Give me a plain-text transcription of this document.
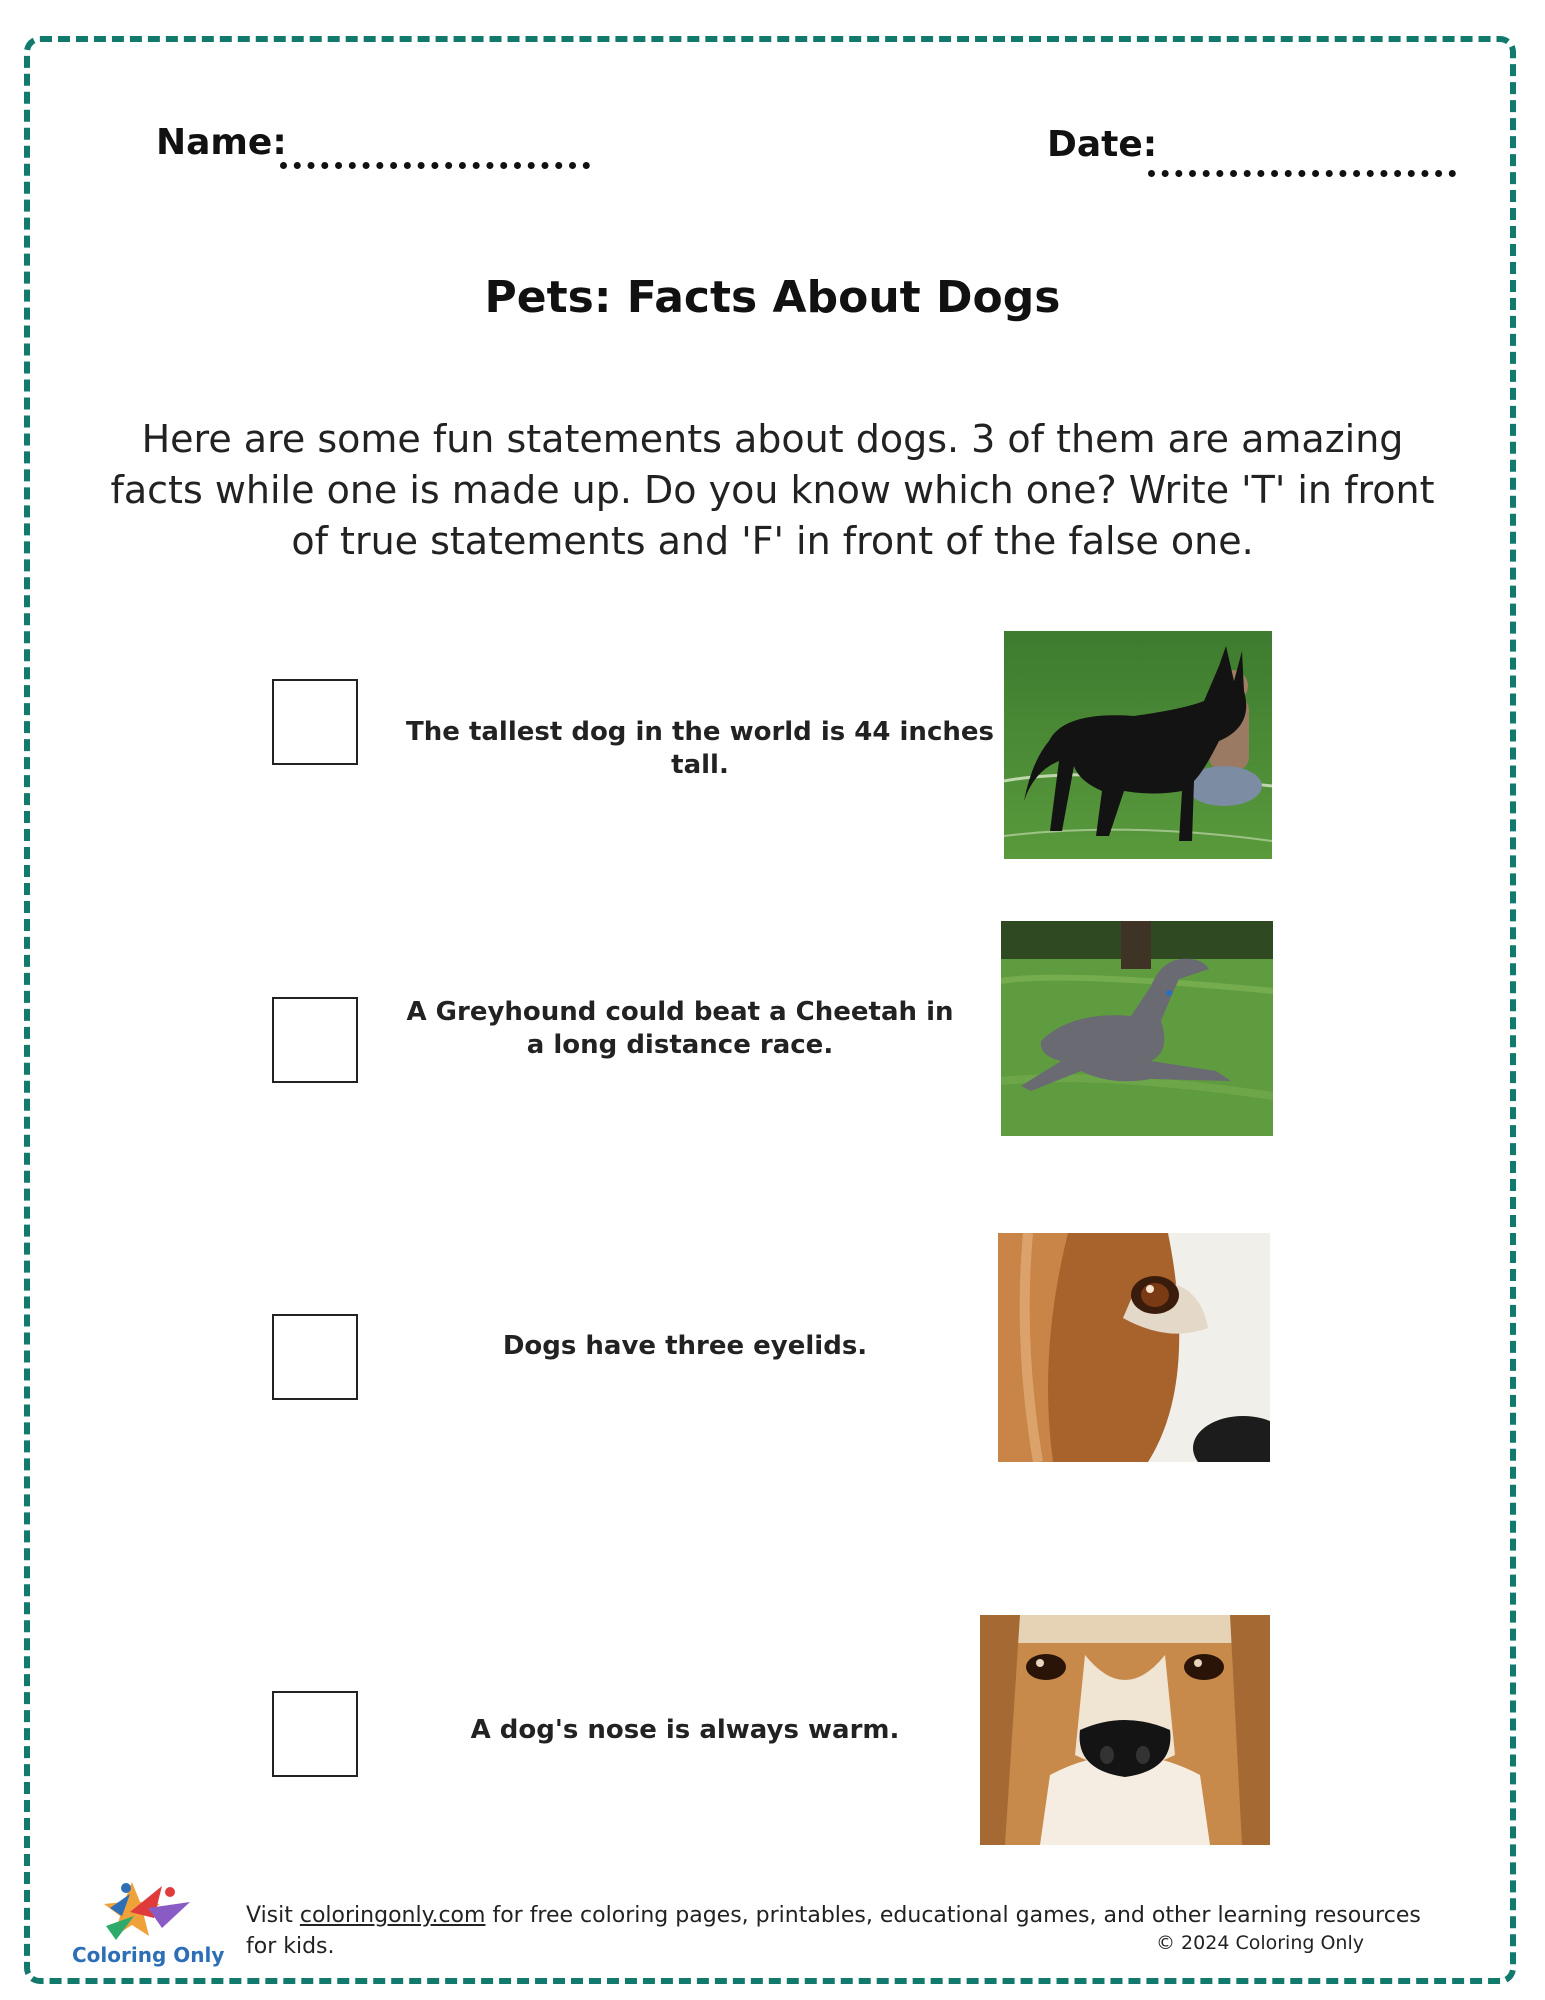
Name:	Date:
Pets: Facts About Dogs
Here are some fun statements about dogs. 3 of them are amazing facts while one is made up. Do you know which one? Write 'T' in front of true statements and 'F' in front of the false one.
The tallest dog in the world is 44 inches tall.
A Greyhound could beat a Cheetah in a long distance race.
Dogs have three eyelids.
A dog's nose is always warm.
Coloring Only
Visit coloringonly.com for free coloring pages, printables, educational games, and other learning resources for kids.	© 2024 Coloring Only
